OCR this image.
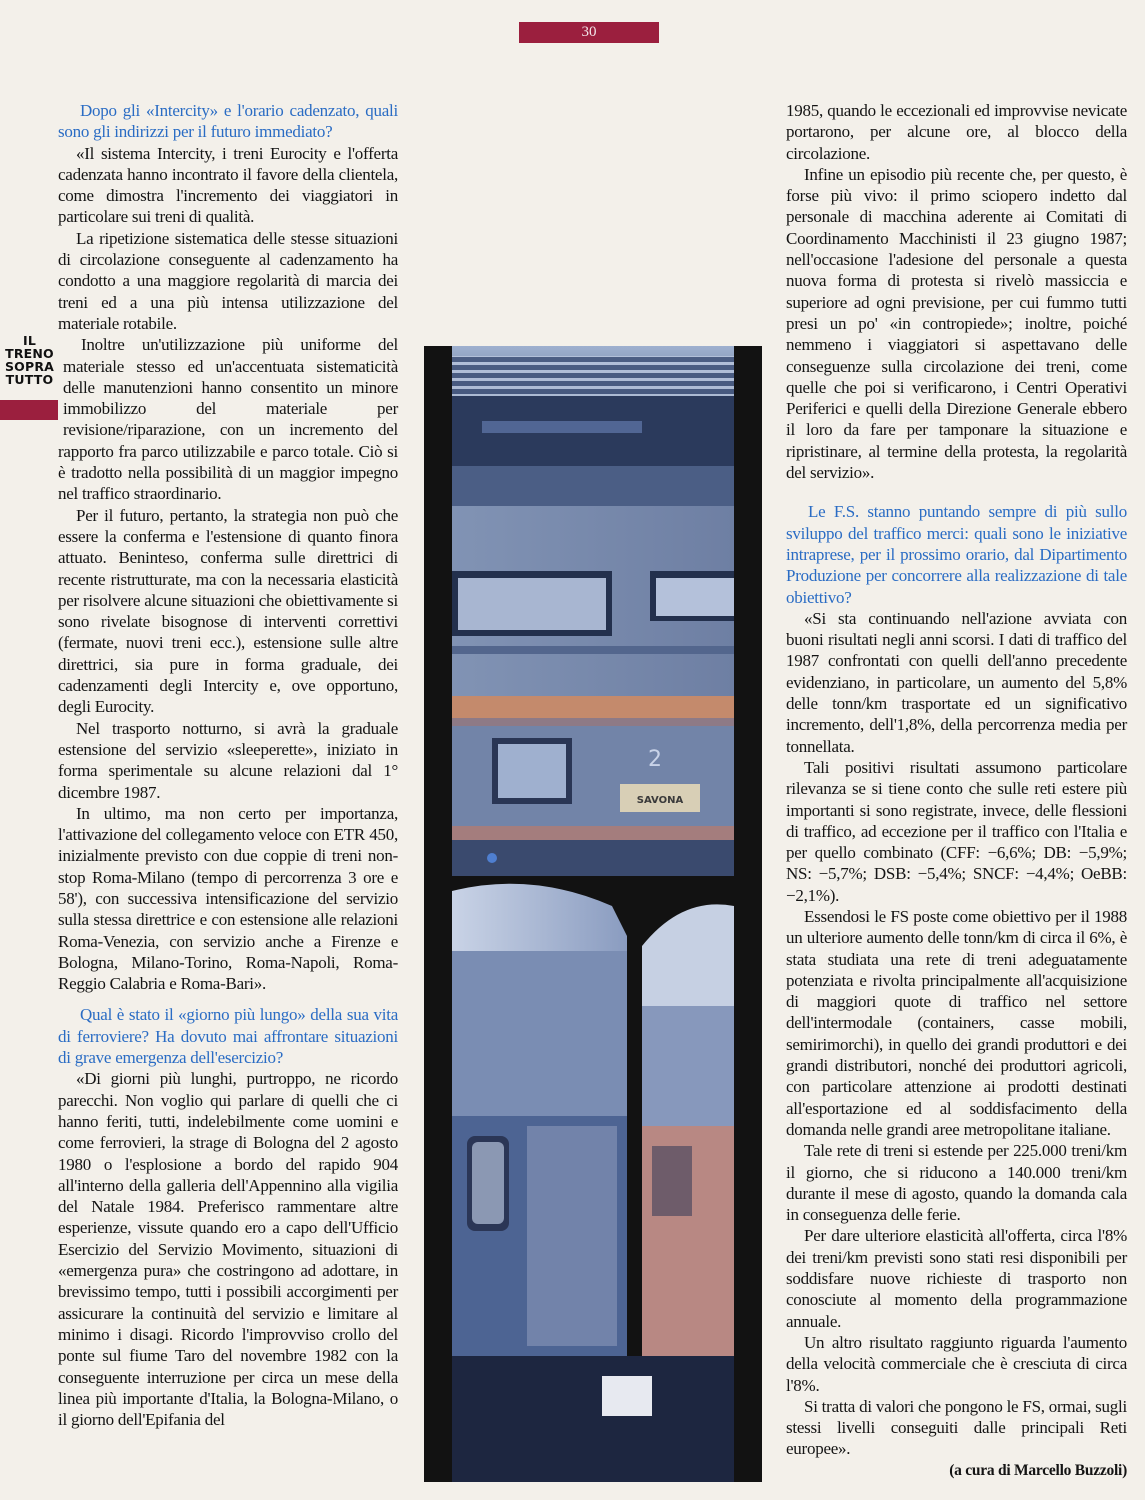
30

Dopo gli «Intercity» e l'orario cadenzato, quali sono gli indirizzi per il futuro immediato?

«Il sistema Intercity, i treni Eurocity e l'offerta cadenzata hanno incontrato il favore della clientela, come dimostra l'incremento dei viaggiatori in particolare sui treni di qualità.

La ripetizione sistematica delle stesse situazioni di circolazione conseguente al cadenzamento ha condotto a una maggiore regolarità di marcia dei treni ed a una più intensa utilizzazione del materiale rotabile.

IL TRENO
SOPRA
TUTTO

Inoltre un'utilizzazione più uniforme del materiale stesso ed un'accentuata sistematicità delle manutenzioni hanno consentito un minore immobilizzo del materiale per revisione/riparazione, con un incremento del rapporto fra parco utilizzabile e parco totale. Ciò si è tradotto nella possibilità di un maggior impegno nel traffico straordinario.

Per il futuro, pertanto, la strategia non può che essere la conferma e l'estensione di quanto finora attuato. Beninteso, conferma sulle direttrici di recente ristrutturate, ma con la necessaria elasticità per risolvere alcune situazioni che obiettivamente si sono rivelate bisognose di interventi correttivi (fermate, nuovi treni ecc.), estensione sulle altre direttrici, sia pure in forma graduale, dei cadenzamenti degli Intercity e, ove opportuno, degli Eurocity.

Nel trasporto notturno, si avrà la graduale estensione del servizio «sleeperette», iniziato in forma sperimentale su alcune relazioni dal 1° dicembre 1987.

In ultimo, ma non certo per importanza, l'attivazione del collegamento veloce con ETR 450, inizialmente previsto con due coppie di treni non-stop Roma-Milano (tempo di percorrenza 3 ore e 58'), con successiva intensificazione del servizio sulla stessa direttrice e con estensione alle relazioni Roma-Venezia, con servizio anche a Firenze e Bologna, Milano-Torino, Roma-Napoli, Roma-Reggio Calabria e Roma-Bari».

Qual è stato il «giorno più lungo» della sua vita di ferroviere? Ha dovuto mai affrontare situazioni di grave emergenza dell'esercizio?

«Di giorni più lunghi, purtroppo, ne ricordo parecchi. Non voglio qui parlare di quelli che ci hanno feriti, tutti, indelebilmente come uomini e come ferrovieri, la strage di Bologna del 2 agosto 1980 o l'esplosione a bordo del rapido 904 all'interno della galleria dell'Appennino alla vigilia del Natale 1984. Preferisco rammentare altre esperienze, vissute quando ero a capo dell'Ufficio Esercizio del Servizio Movimento, situazioni di «emergenza pura» che costringono ad adottare, in brevissimo tempo, tutti i possibili accorgimenti per assicurare la continuità del servizio e limitare al minimo i disagi. Ricordo l'improvviso crollo del ponte sul fiume Taro del novembre 1982 con la conseguente interruzione per circa un mese della linea più importante d'Italia, la Bologna-Milano, o il giorno dell'Epifania del

2
SAVONA

1985, quando le eccezionali ed improvvise nevicate portarono, per alcune ore, al blocco della circolazione.

Infine un episodio più recente che, per questo, è forse più vivo: il primo sciopero indetto dal personale di macchina aderente ai Comitati di Coordinamento Macchinisti il 23 giugno 1987; nell'occasione l'adesione del personale a questa nuova forma di protesta si rivelò massiccia e superiore ad ogni previsione, per cui fummo tutti presi un po' «in contropiede»; inoltre, poiché nemmeno i viaggiatori si aspettavano delle conseguenze sulla circolazione dei treni, come quelle che poi si verificarono, i Centri Operativi Periferici e quelli della Direzione Generale ebbero il loro da fare per tamponare la situazione e ripristinare, al termine della protesta, la regolarità del servizio».

Le F.S. stanno puntando sempre di più sullo sviluppo del traffico merci: quali sono le iniziative intraprese, per il prossimo orario, dal Dipartimento Produzione per concorrere alla realizzazione di tale obiettivo?

«Si sta continuando nell'azione avviata con buoni risultati negli anni scorsi. I dati di traffico del 1987 confrontati con quelli dell'anno precedente evidenziano, in particolare, un aumento del 5,8% delle tonn/km trasportate ed un significativo incremento, dell'1,8%, della percorrenza media per tonnellata.

Tali positivi risultati assumono particolare rilevanza se si tiene conto che sulle reti estere più importanti si sono registrate, invece, delle flessioni di traffico, ad eccezione per il traffico con l'Italia e per quello combinato (CFF: −6,6%; DB: −5,9%; NS: −5,7%; DSB: −5,4%; SNCF: −4,4%; OeBB: −2,1%).

Essendosi le FS poste come obiettivo per il 1988 un ulteriore aumento delle tonn/km di circa il 6%, è stata studiata una rete di treni adeguatamente potenziata e rivolta principalmente all'acquisizione di maggiori quote di traffico nel settore dell'intermodale (containers, casse mobili, semirimorchi), in quello dei grandi produttori e dei grandi distributori, nonché dei produttori agricoli, con particolare attenzione ai prodotti destinati all'esportazione ed al soddisfacimento della domanda nelle grandi aree metropolitane italiane.

Tale rete di treni si estende per 225.000 treni/km il giorno, che si riducono a 140.000 treni/km durante il mese di agosto, quando la domanda cala in conseguenza delle ferie.

Per dare ulteriore elasticità all'offerta, circa l'8% dei treni/km previsti sono stati resi disponibili per soddisfare nuove richieste di trasporto non conosciute al momento della programmazione annuale.

Un altro risultato raggiunto riguarda l'aumento della velocità commerciale che è cresciuta di circa l'8%.

Si tratta di valori che pongono le FS, ormai, sugli stessi livelli conseguiti dalle principali Reti europee».

(a cura di Marcello Buzzoli)
